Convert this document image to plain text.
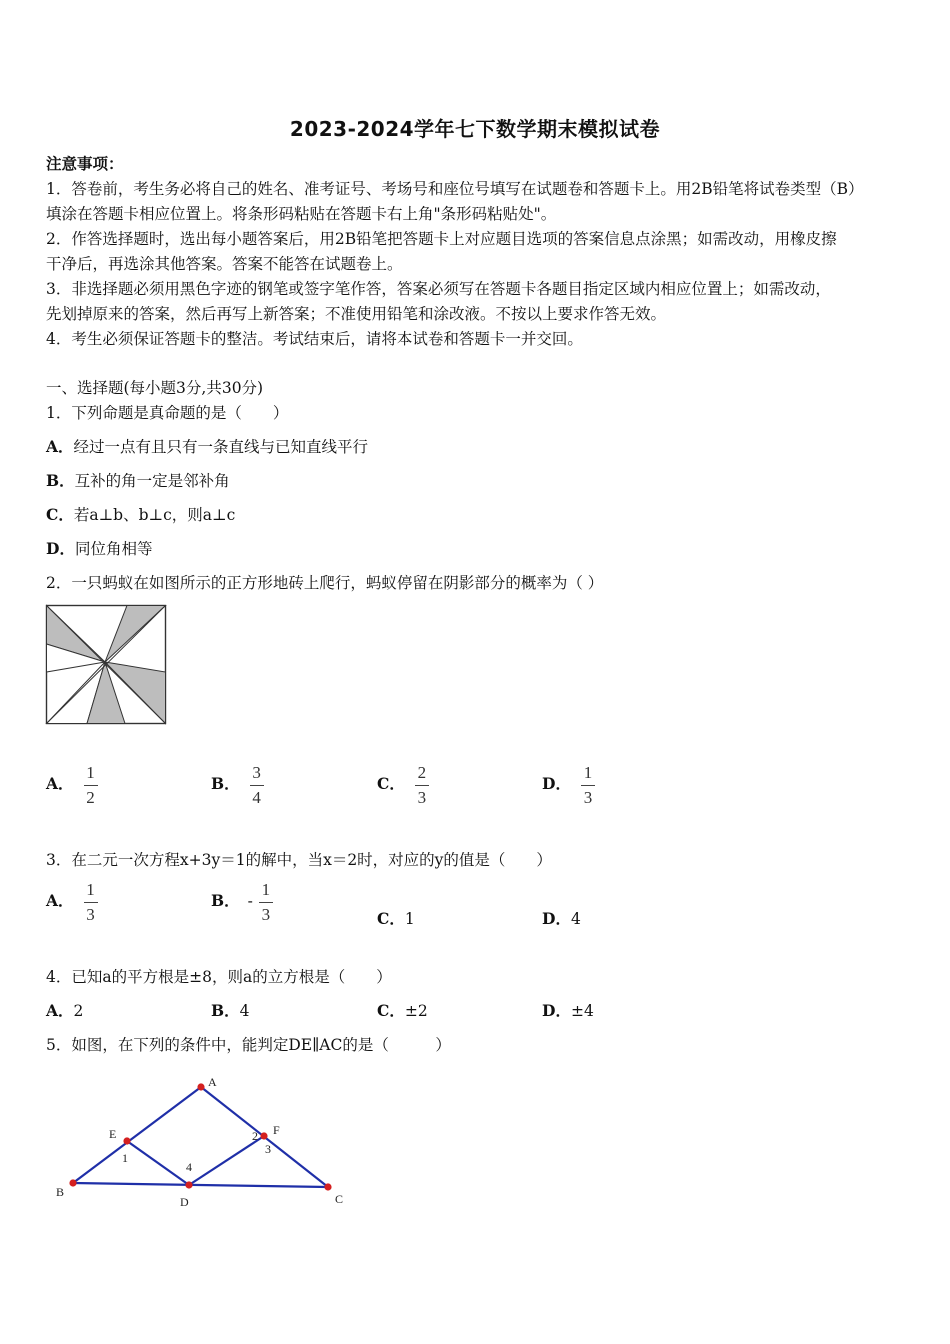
2023-2024学年七下数学期末模拟试卷
注意事项：
1．答卷前，考生务必将自己的姓名、准考证号、考场号和座位号填写在试题卷和答题卡上。用2B铅笔将试卷类型（B）
填涂在答题卡相应位置上。将条形码粘贴在答题卡右上角"条形码粘贴处"。
2．作答选择题时，选出每小题答案后，用2B铅笔把答题卡上对应题目选项的答案信息点涂黑；如需改动，用橡皮擦
干净后，再选涂其他答案。答案不能答在试题卷上。
3．非选择题必须用黑色字迹的钢笔或签字笔作答，答案必须写在答题卡各题目指定区域内相应位置上；如需改动，
先划掉原来的答案，然后再写上新答案；不准使用铅笔和涂改液。不按以上要求作答无效。
4．考生必须保证答题卡的整洁。考试结束后，请将本试卷和答题卡一并交回。
一、选择题(每小题3分,共30分)
1．下列命题是真命题的是（　　）
A．经过一点有且只有一条直线与已知直线平行
B．互补的角一定是邻补角
C．若a⊥b、b⊥c，则a⊥c
D．同位角相等
2．一只蚂蚁在如图所示的正方形地砖上爬行，蚂蚁停留在阴影部分的概率为（ ）
A． $\frac{1}{2}$	B． $\frac{3}{4}$	C． $\frac{2}{3}$	D． $\frac{1}{3}$
3．在二元一次方程x+3y＝1的解中，当x＝2时，对应的y的值是（　　）
A． $\frac{1}{3}$	B． - $\frac{1}{3}$	C．1	D．4
4．已知a的平方根是±8，则a的立方根是（　　）
A．2	B．4	C．±2	D．±4
5．如图，在下列的条件中，能判定DE∥AC的是（　　　）
A
B	C
D
E	F
1
2
3
4
